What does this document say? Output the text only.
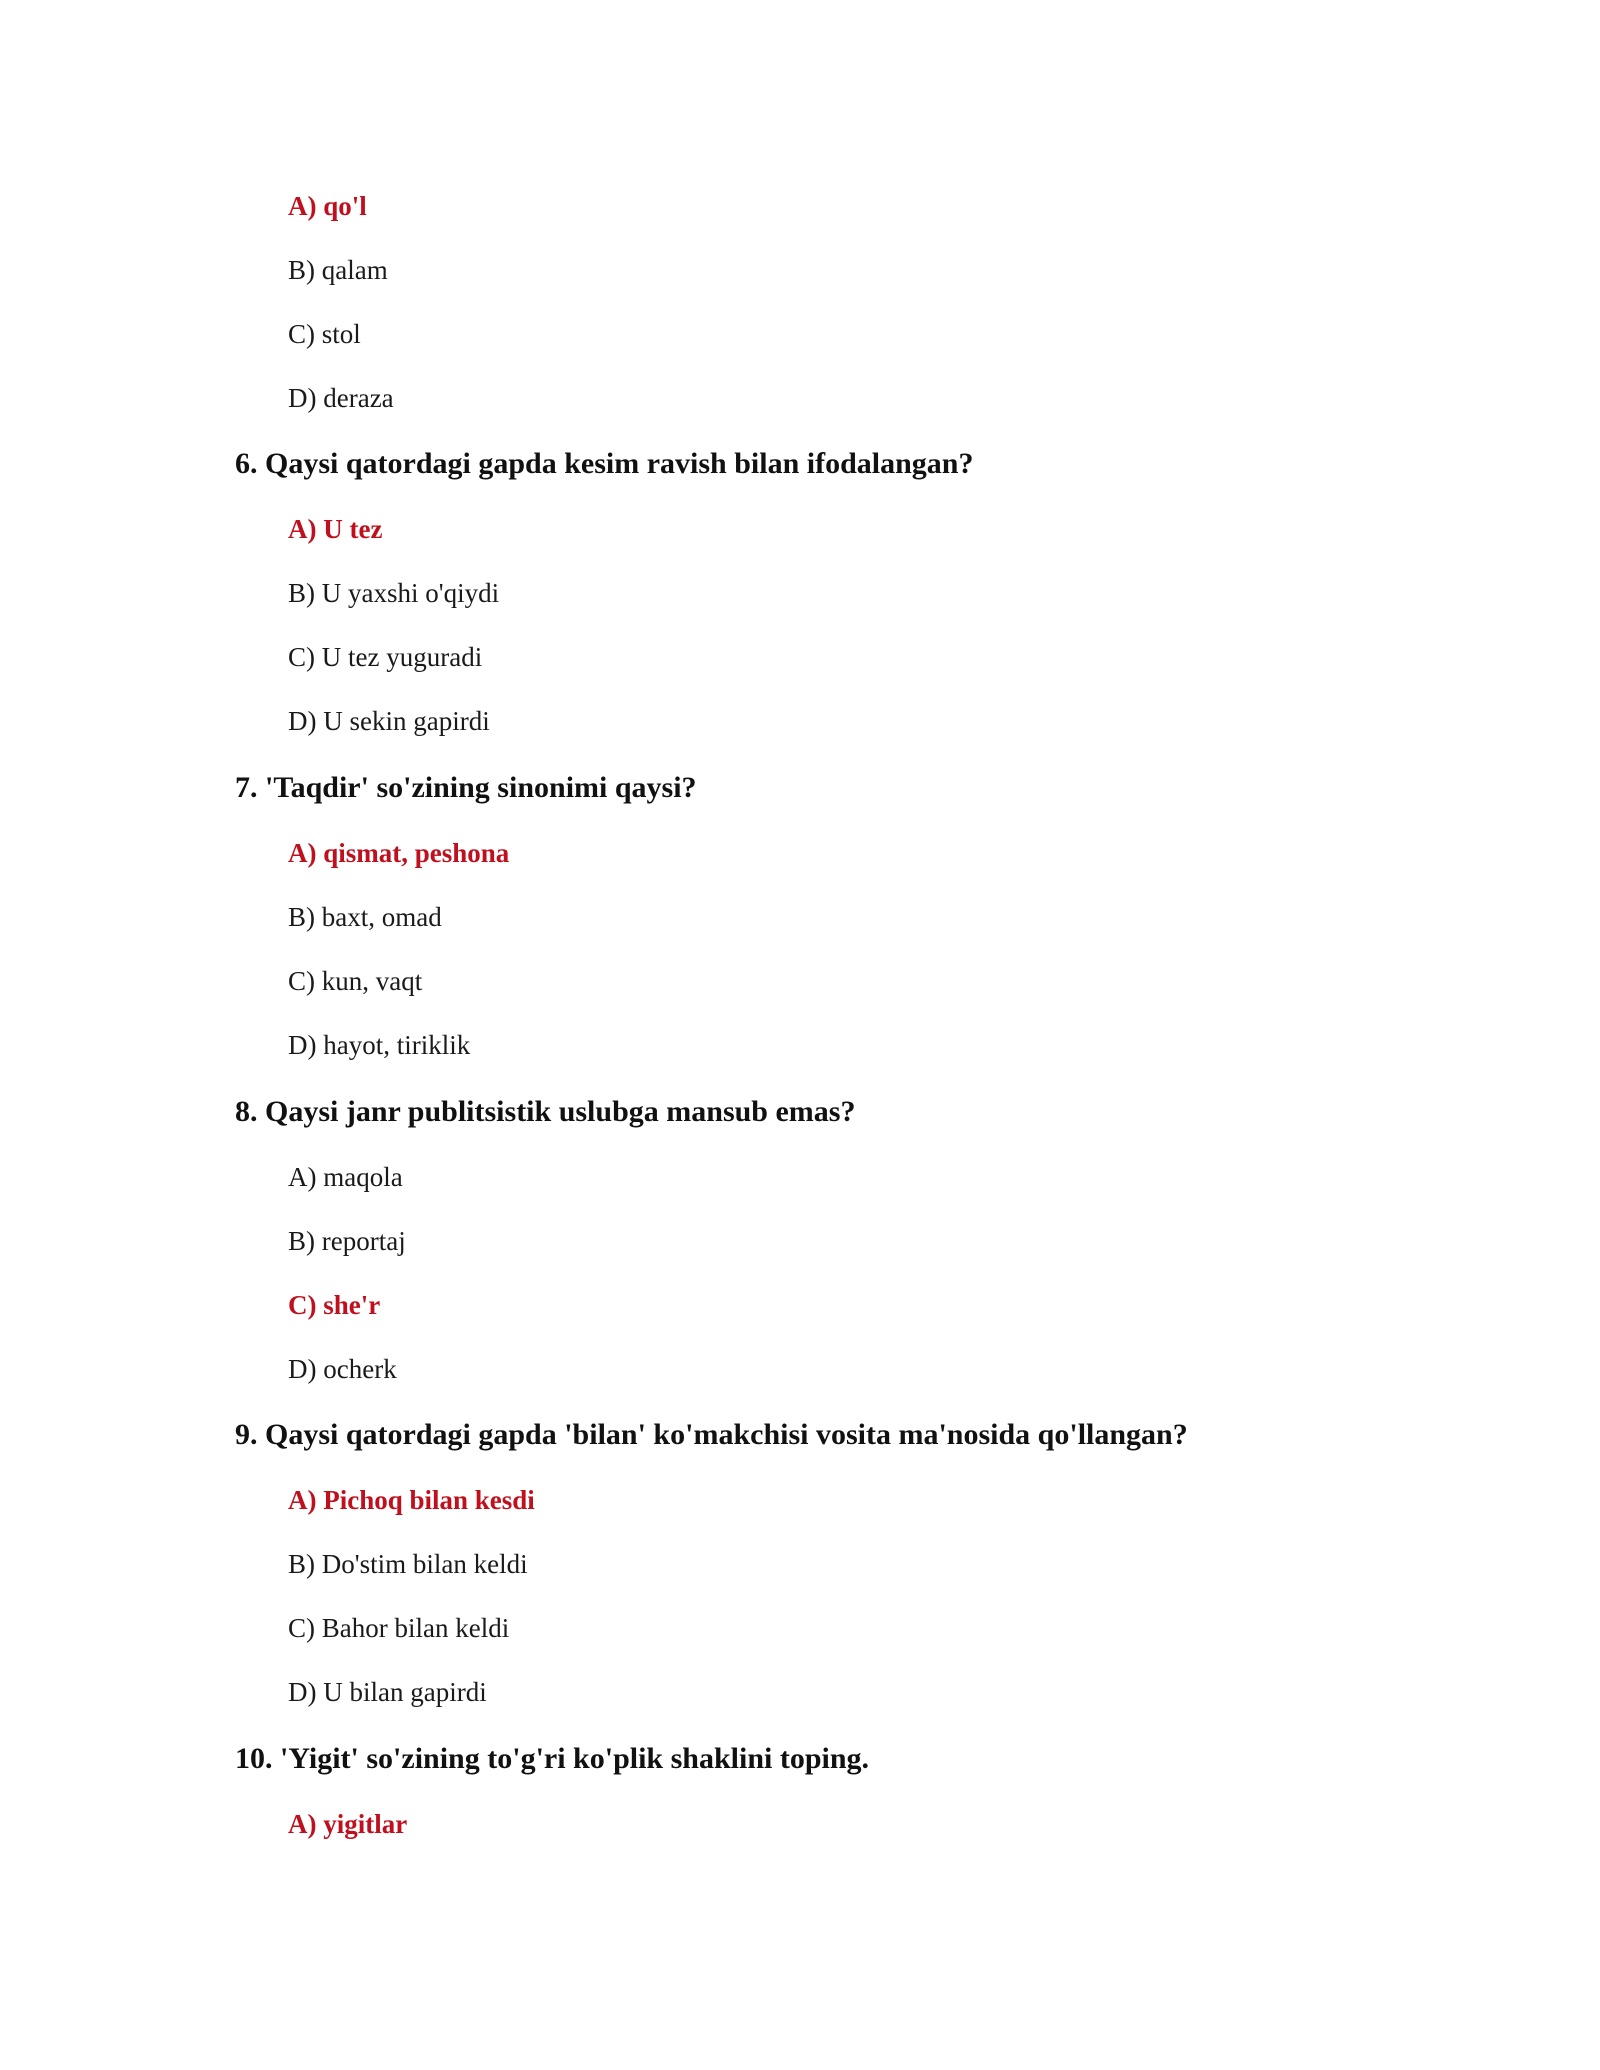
A) qo'l
B) qalam
C) stol
D) deraza
6. Qaysi qatordagi gapda kesim ravish bilan ifodalangan?
A) U tez
B) U yaxshi o'qiydi
C) U tez yuguradi
D) U sekin gapirdi
7. 'Taqdir' so'zining sinonimi qaysi?
A) qismat, peshona
B) baxt, omad
C) kun, vaqt
D) hayot, tiriklik
8. Qaysi janr publitsistik uslubga mansub emas?
A) maqola
B) reportaj
C) she'r
D) ocherk
9. Qaysi qatordagi gapda 'bilan' ko'makchisi vosita ma'nosida qo'llangan?
A) Pichoq bilan kesdi
B) Do'stim bilan keldi
C) Bahor bilan keldi
D) U bilan gapirdi
10. 'Yigit' so'zining to'g'ri ko'plik shaklini toping.
A) yigitlar
